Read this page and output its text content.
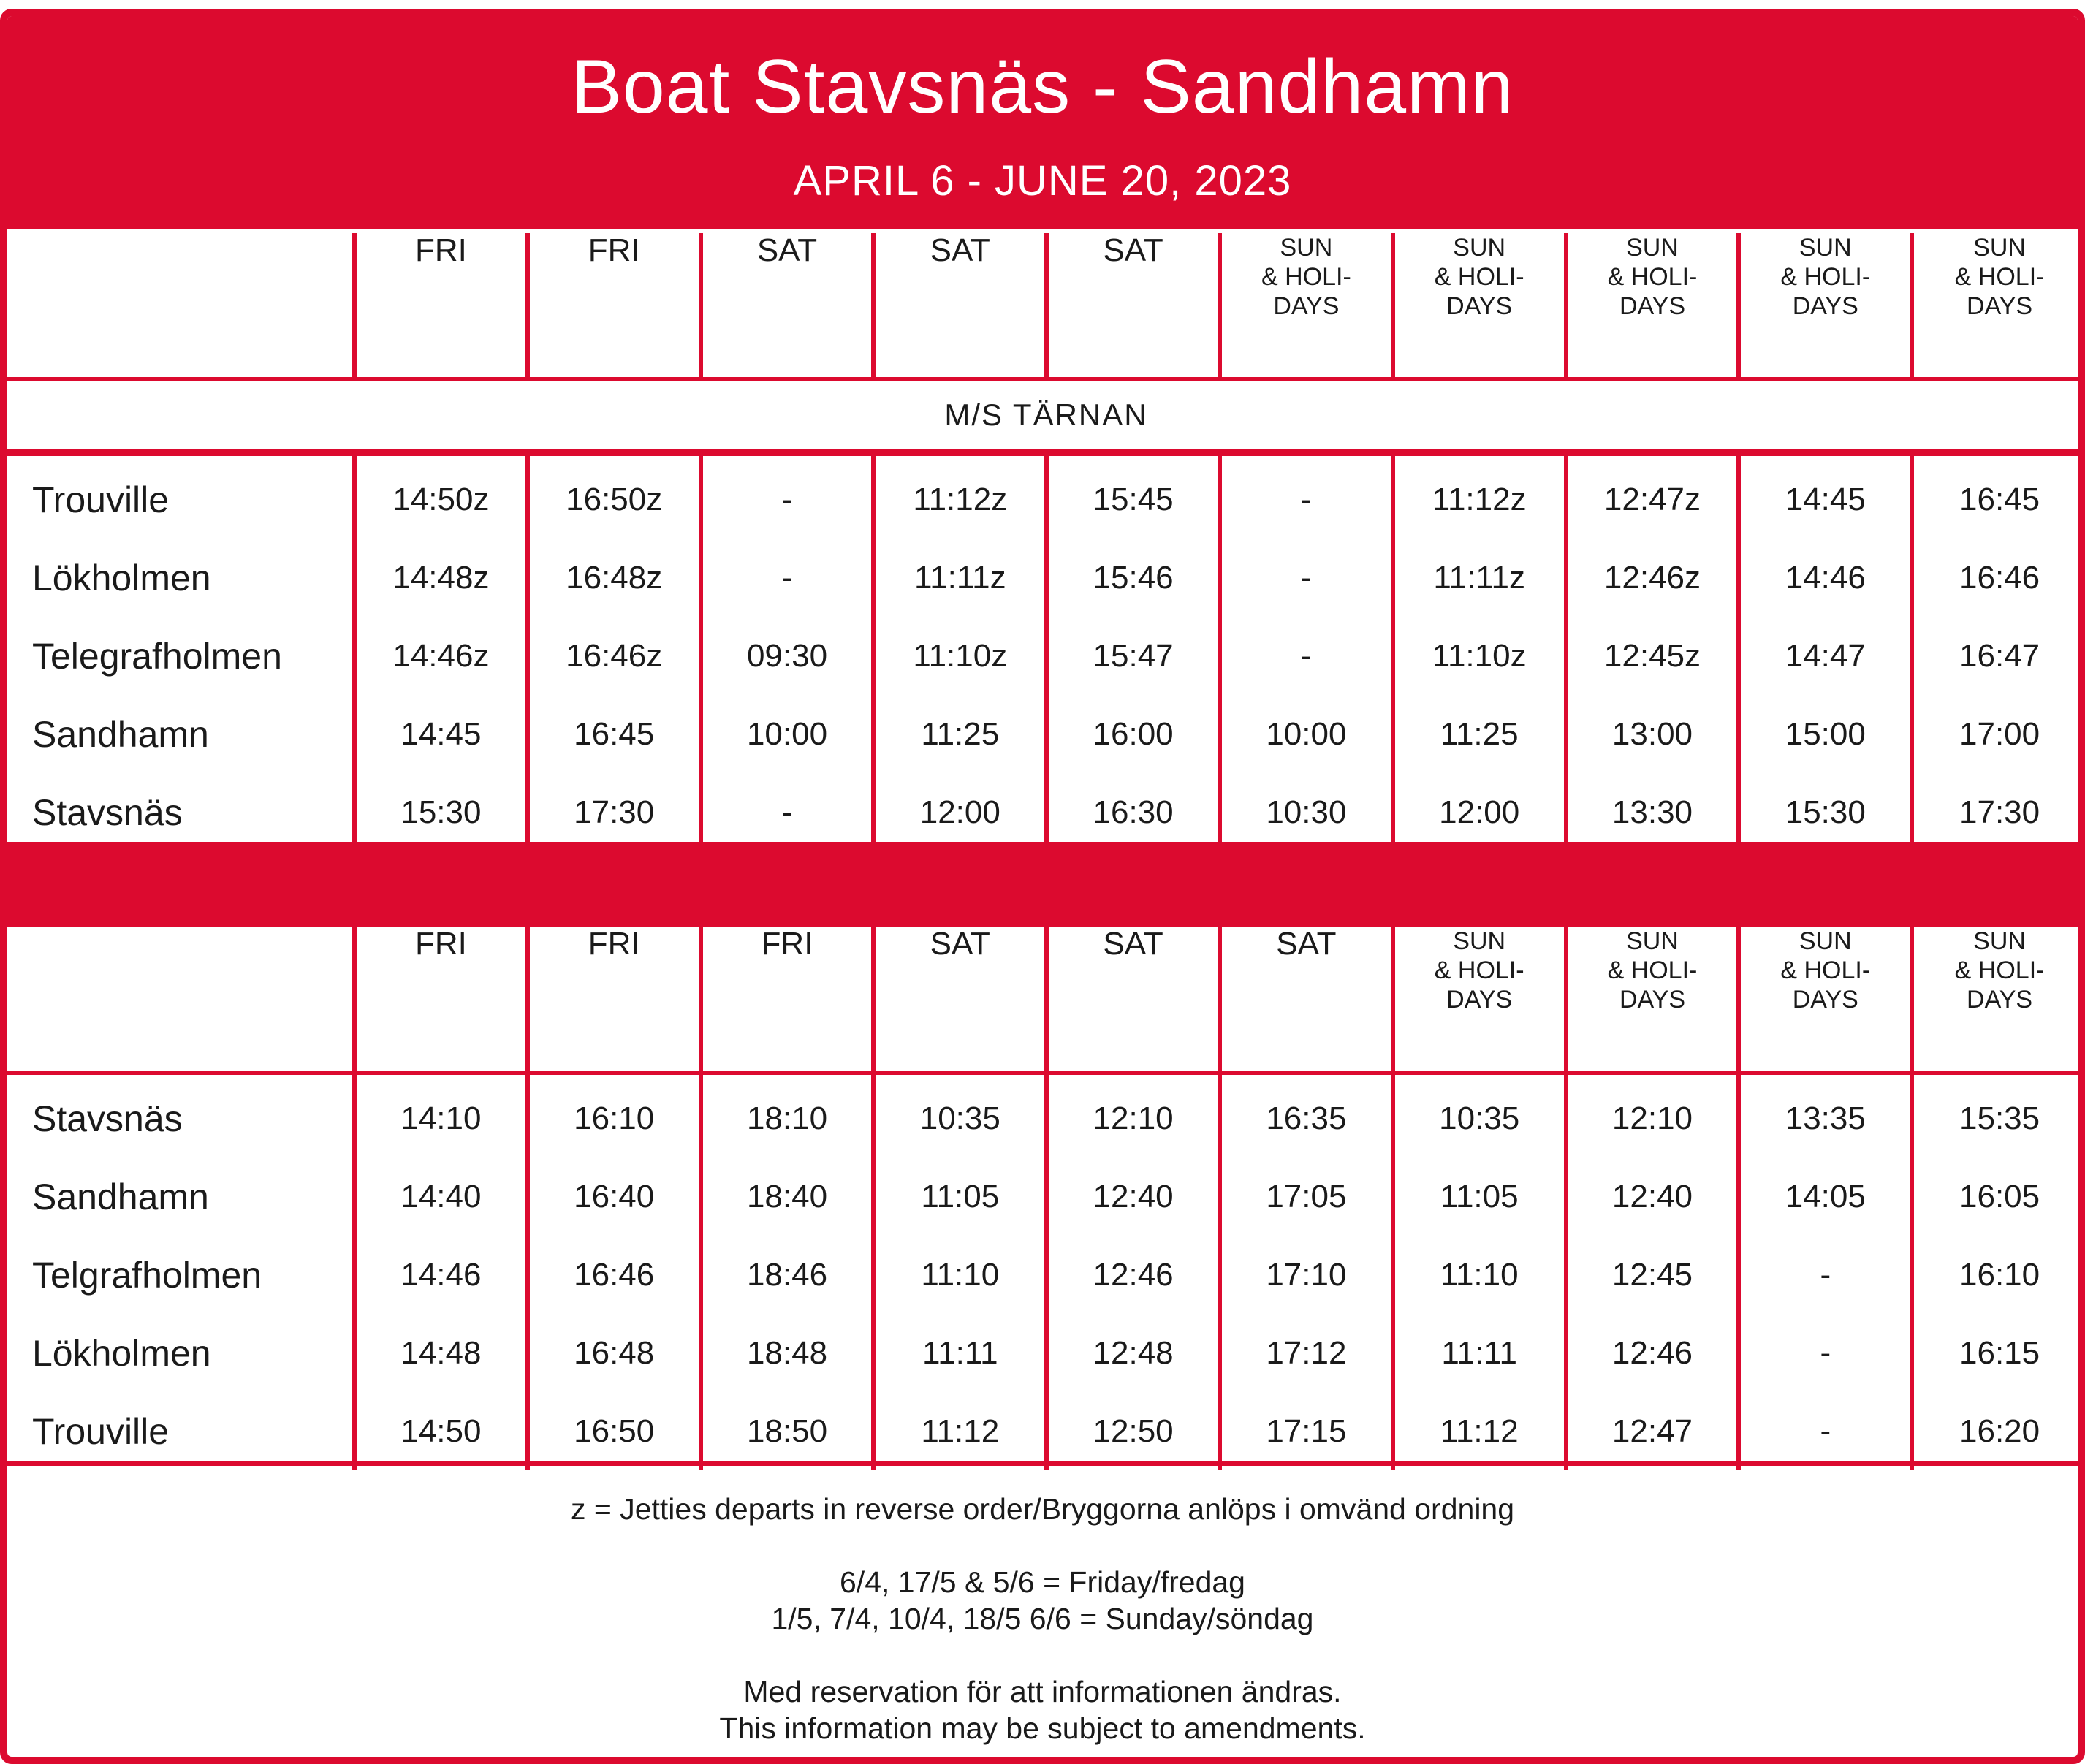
Boat Stavsnäs - Sandhamn
APRIL 6 - JUNE 20, 2023

	FRI	FRI	SAT	SAT	SAT	SUN
& HOLI-
DAYS	SUN
& HOLI-
DAYS	SUN
& HOLI-
DAYS	SUN
& HOLI-
DAYS	SUN
& HOLI-
DAYS

M/S TÄRNAN										
Trouville	14:50z	16:50z	-	11:12z	15:45	-	11:12z	12:47z	14:45	16:45
Lökholmen	14:48z	16:48z	-	11:11z	15:46	-	11:11z	12:46z	14:46	16:46
Telegrafholmen	14:46z	16:46z	09:30	11:10z	15:47	-	11:10z	12:45z	14:47	16:47
Sandhamn	14:45	16:45	10:00	11:25	16:00	10:00	11:25	13:00	15:00	17:00
Stavsnäs	15:30	17:30	-	12:00	16:30	10:30	12:00	13:30	15:30	17:30

	FRI	FRI	FRI	SAT	SAT	SAT	SUN
& HOLI-
DAYS	SUN
& HOLI-
DAYS	SUN
& HOLI-
DAYS	SUN
& HOLI-
DAYS

Stavsnäs	14:10	16:10	18:10	10:35	12:10	16:35	10:35	12:10	13:35	15:35
Sandhamn	14:40	16:40	18:40	11:05	12:40	17:05	11:05	12:40	14:05	16:05
Telgrafholmen	14:46	16:46	18:46	11:10	12:46	17:10	11:10	12:45	-	16:10
Lökholmen	14:48	16:48	18:48	11:11	12:48	17:12	11:11	12:46	-	16:15
Trouville	14:50	16:50	18:50	11:12	12:50	17:15	11:12	12:47	-	16:20
z = Jetties departs in reverse order/Bryggorna anlöps i omvänd ordning
6/4, 17/5 & 5/6 = Friday/fredag
1/5, 7/4, 10/4, 18/5 6/6 = Sunday/söndag
Med reservation för att informationen ändras.
This information may be subject to amendments.
